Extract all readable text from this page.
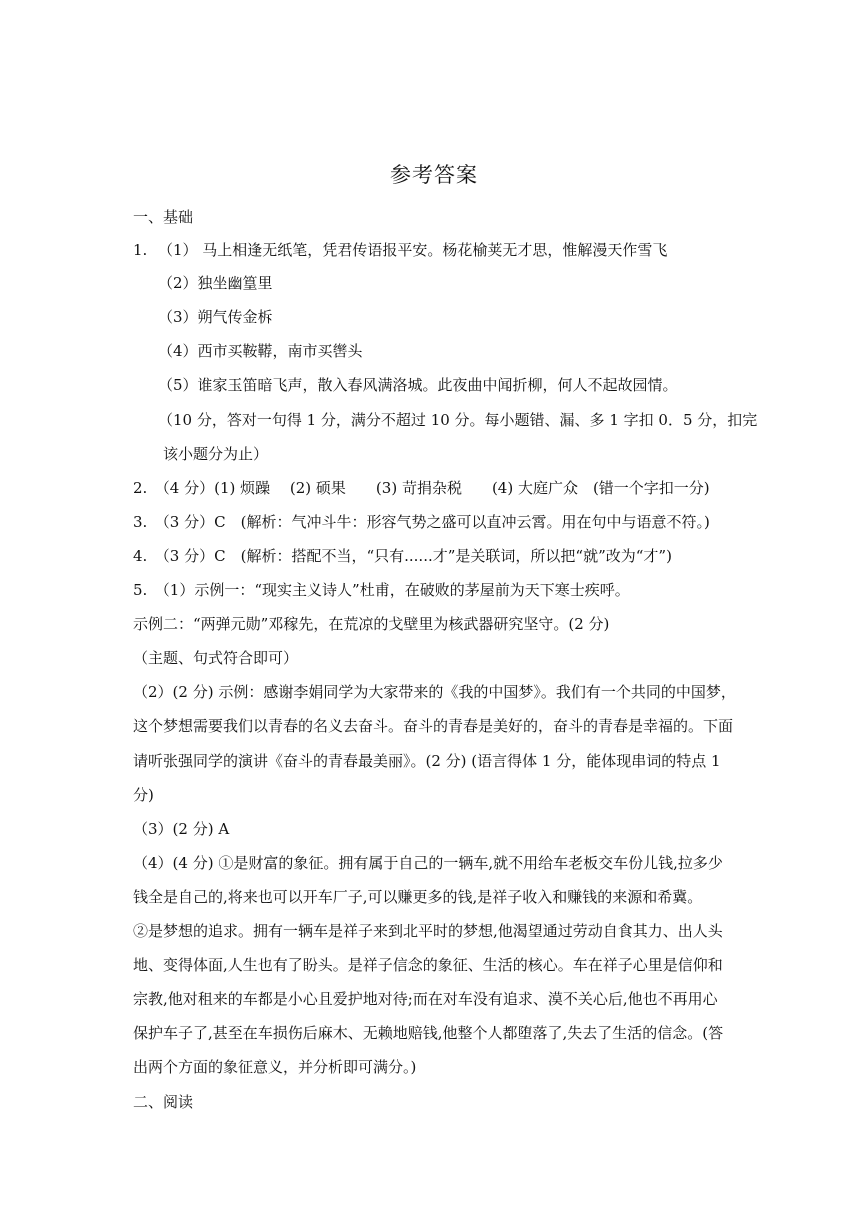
参考答案
一、基础
1. （1） 马上相逢无纸笔，凭君传语报平安。杨花榆荚无才思，惟解漫天作雪飞
（2）独坐幽篁里
（3）朔气传金柝
（4）西市买鞍鞯，南市买辔头
（5）谁家玉笛暗飞声，散入春风满洛城。此夜曲中闻折柳，何人不起故园情。
（10 分，答对一句得 1 分，满分不超过 10 分。每小题错、漏、多 1 字扣 0．5 分，扣完
该小题分为止）
2.　（4 分）(1) 烦躁　 (2) 硕果　　(3) 苛捐杂税　　(4) 大庭广众　(错一个字扣一分)
3.　（3 分）C　(解析：气冲斗牛：形容气势之盛可以直冲云霄。用在句中与语意不符。)
4.　（3 分）C　(解析：搭配不当，“只有......才”是关联词，所以把“就”改为“才”)
5.　（1）示例一：“现实主义诗人”杜甫，在破败的茅屋前为天下寒士疾呼。
示例二：“两弹元勋”邓稼先，在荒凉的戈壁里为核武器研究坚守。(2 分)
（主题、句式符合即可）
（2）(2 分) 示例：感谢李娟同学为大家带来的《我的中国梦》。我们有一个共同的中国梦，
这个梦想需要我们以青春的名义去奋斗。奋斗的青春是美好的，奋斗的青春是幸福的。下面
请听张强同学的演讲《奋斗的青春最美丽》。(2 分) (语言得体 1 分，能体现串词的特点 1
分)
（3）(2 分) A
（4）(4 分) ①是财富的象征。拥有属于自己的一辆车,就不用给车老板交车份儿钱,拉多少
钱全是自己的,将来也可以开车厂子,可以赚更多的钱,是祥子收入和赚钱的来源和希冀。
②是梦想的追求。拥有一辆车是祥子来到北平时的梦想,他渴望通过劳动自食其力、出人头
地、变得体面,人生也有了盼头。是祥子信念的象征、生活的核心。车在祥子心里是信仰和
宗教,他对租来的车都是小心且爱护地对待;而在对车没有追求、漠不关心后,他也不再用心
保护车子了,甚至在车损伤后麻木、无赖地赔钱,他整个人都堕落了,失去了生活的信念。(答
出两个方面的象征意义，并分析即可满分。)
二、阅读
